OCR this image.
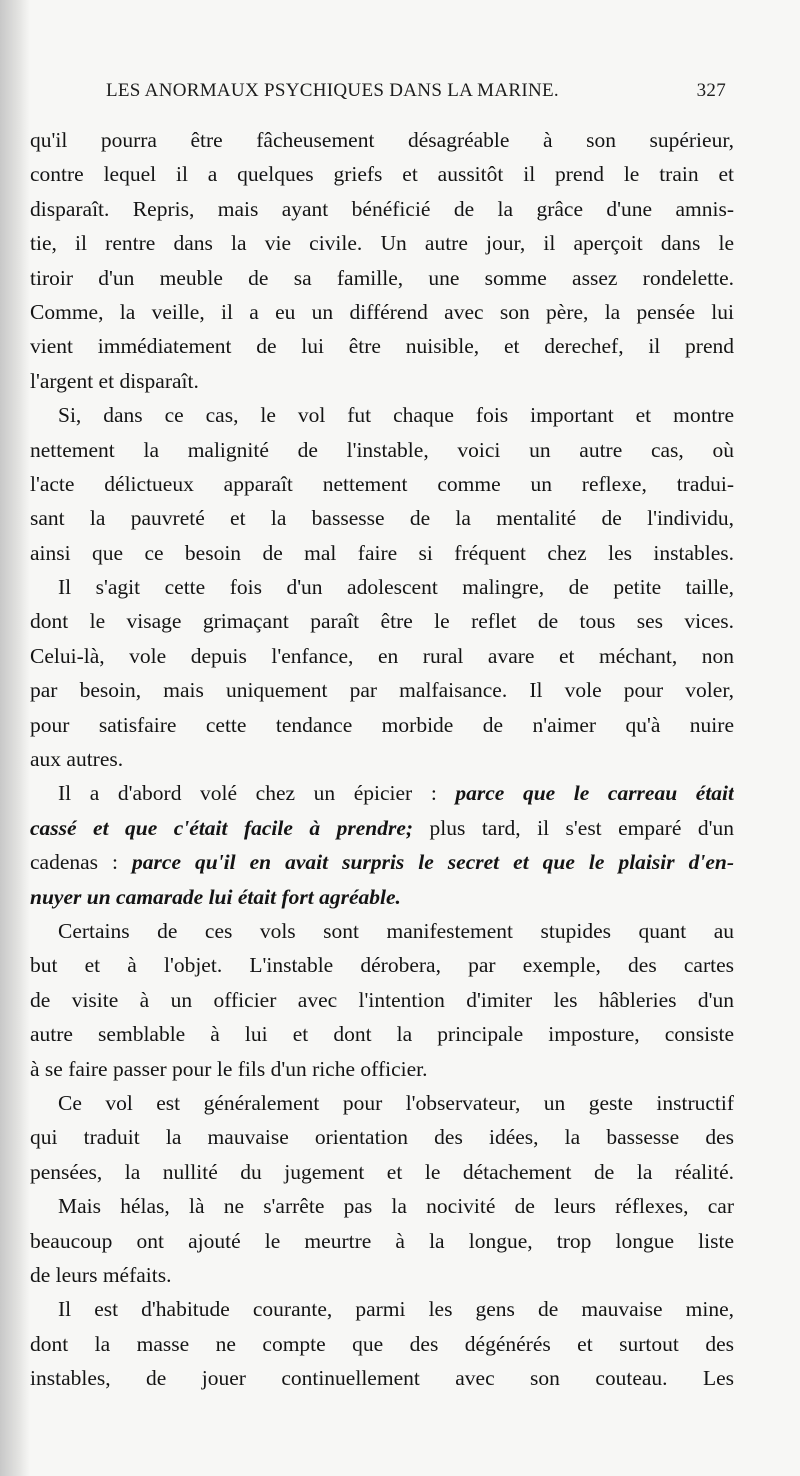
LES ANORMAUX PSYCHIQUES DANS LA MARINE.	327
qu'il pourra être fâcheusement désagréable à son supérieur,
contre lequel il a quelques griefs et aussitôt il prend le train et
disparaît. Repris, mais ayant bénéficié de la grâce d'une amnis-
tie, il rentre dans la vie civile. Un autre jour, il aperçoit dans le
tiroir d'un meuble de sa famille, une somme assez rondelette.
Comme, la veille, il a eu un différend avec son père, la pensée lui
vient immédiatement de lui être nuisible, et derechef, il prend
l'argent et disparaît.
Si, dans ce cas, le vol fut chaque fois important et montre
nettement la malignité de l'instable, voici un autre cas, où
l'acte délictueux apparaît nettement comme un reflexe, tradui-
sant la pauvreté et la bassesse de la mentalité de l'individu,
ainsi que ce besoin de mal faire si fréquent chez les instables.
Il s'agit cette fois d'un adolescent malingre, de petite taille,
dont le visage grimaçant paraît être le reflet de tous ses vices.
Celui-là, vole depuis l'enfance, en rural avare et méchant, non
par besoin, mais uniquement par malfaisance. Il vole pour voler,
pour satisfaire cette tendance morbide de n'aimer qu'à nuire
aux autres.
Il a d'abord volé chez un épicier : parce que le carreau était
cassé et que c'était facile à prendre; plus tard, il s'est emparé d'un
cadenas : parce qu'il en avait surpris le secret et que le plaisir d'en-
nuyer un camarade lui était fort agréable.
Certains de ces vols sont manifestement stupides quant au
but et à l'objet. L'instable dérobera, par exemple, des cartes
de visite à un officier avec l'intention d'imiter les hâbleries d'un
autre semblable à lui et dont la principale imposture, consiste
à se faire passer pour le fils d'un riche officier.
Ce vol est généralement pour l'observateur, un geste instructif
qui traduit la mauvaise orientation des idées, la bassesse des
pensées, la nullité du jugement et le détachement de la réalité.
Mais hélas, là ne s'arrête pas la nocivité de leurs réflexes, car
beaucoup ont ajouté le meurtre à la longue, trop longue liste
de leurs méfaits.
Il est d'habitude courante, parmi les gens de mauvaise mine,
dont la masse ne compte que des dégénérés et surtout des
instables, de jouer continuellement avec son couteau. Les
